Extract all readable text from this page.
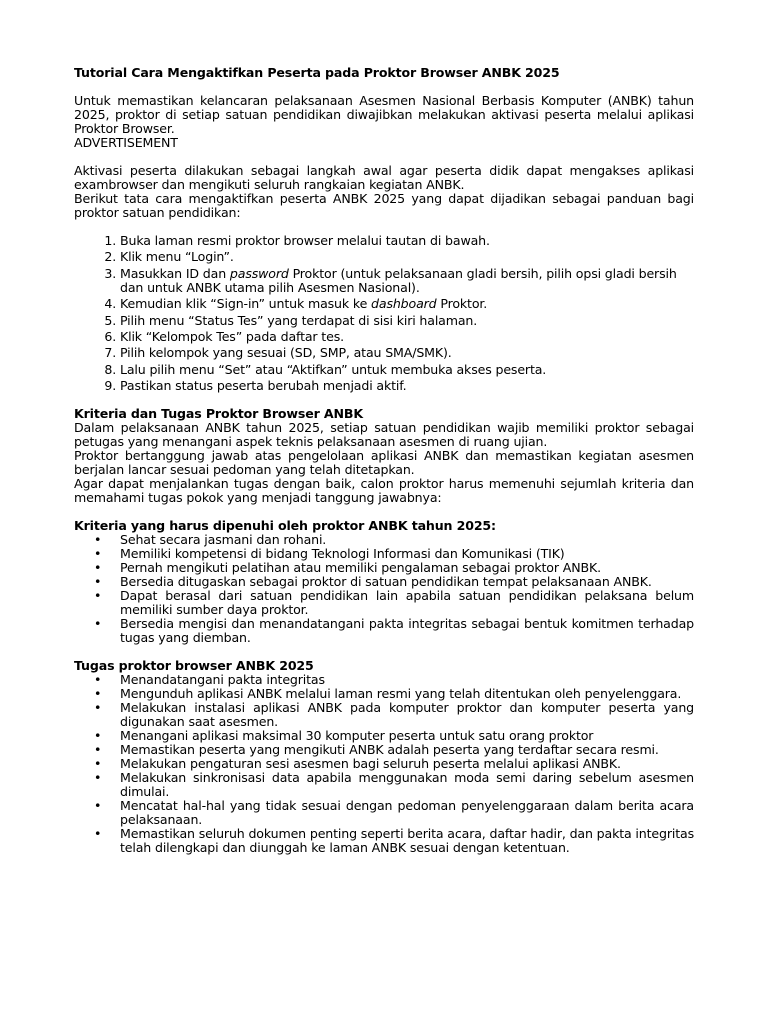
Tutorial Cara Mengaktifkan Peserta pada Proktor Browser ANBK 2025

Untuk memastikan kelancaran pelaksanaan Asesmen Nasional Berbasis Komputer (ANBK) tahun 2025, proktor di setiap satuan pendidikan diwajibkan melakukan aktivasi peserta melalui aplikasi Proktor Browser.

ADVERTISEMENT

Aktivasi peserta dilakukan sebagai langkah awal agar peserta didik dapat mengakses aplikasi exambrowser dan mengikuti seluruh rangkaian kegiatan ANBK.

Berikut tata cara mengaktifkan peserta ANBK 2025 yang dapat dijadikan sebagai panduan bagi proktor satuan pendidikan:

1. Buka laman resmi proktor browser melalui tautan di bawah.
2. Klik menu “Login”.
3. Masukkan ID dan password Proktor (untuk pelaksanaan gladi bersih, pilih opsi gladi bersih dan untuk ANBK utama pilih Asesmen Nasional).
4. Kemudian klik “Sign-in” untuk masuk ke dashboard Proktor.
5. Pilih menu “Status Tes” yang terdapat di sisi kiri halaman.
6. Klik “Kelompok Tes” pada daftar tes.
7. Pilih kelompok yang sesuai (SD, SMP, atau SMA/SMK).
8. Lalu pilih menu “Set” atau “Aktifkan” untuk membuka akses peserta.
9. Pastikan status peserta berubah menjadi aktif.
Kriteria dan Tugas Proktor Browser ANBK

Dalam pelaksanaan ANBK tahun 2025, setiap satuan pendidikan wajib memiliki proktor sebagai petugas yang menangani aspek teknis pelaksanaan asesmen di ruang ujian.

Proktor bertanggung jawab atas pengelolaan aplikasi ANBK dan memastikan kegiatan asesmen berjalan lancar sesuai pedoman yang telah ditetapkan.

Agar dapat menjalankan tugas dengan baik, calon proktor harus memenuhi sejumlah kriteria dan memahami tugas pokok yang menjadi tanggung jawabnya:

Kriteria yang harus dipenuhi oleh proktor ANBK tahun 2025:
• Sehat secara jasmani dan rohani.
• Memiliki kompetensi di bidang Teknologi Informasi dan Komunikasi (TIK)
• Pernah mengikuti pelatihan atau memiliki pengalaman sebagai proktor ANBK.
• Bersedia ditugaskan sebagai proktor di satuan pendidikan tempat pelaksanaan ANBK.
• Dapat berasal dari satuan pendidikan lain apabila satuan pendidikan pelaksana belum memiliki sumber daya proktor.
• Bersedia mengisi dan menandatangani pakta integritas sebagai bentuk komitmen terhadap tugas yang diemban.
Tugas proktor browser ANBK 2025
• Menandatangani pakta integritas
• Mengunduh aplikasi ANBK melalui laman resmi yang telah ditentukan oleh penyelenggara.
• Melakukan instalasi aplikasi ANBK pada komputer proktor dan komputer peserta yang digunakan saat asesmen.
• Menangani aplikasi maksimal 30 komputer peserta untuk satu orang proktor
• Memastikan peserta yang mengikuti ANBK adalah peserta yang terdaftar secara resmi.
• Melakukan pengaturan sesi asesmen bagi seluruh peserta melalui aplikasi ANBK.
• Melakukan sinkronisasi data apabila menggunakan moda semi daring sebelum asesmen dimulai.
• Mencatat hal-hal yang tidak sesuai dengan pedoman penyelenggaraan dalam berita acara pelaksanaan.
• Memastikan seluruh dokumen penting seperti berita acara, daftar hadir, dan pakta integritas telah dilengkapi dan diunggah ke laman ANBK sesuai dengan ketentuan.
